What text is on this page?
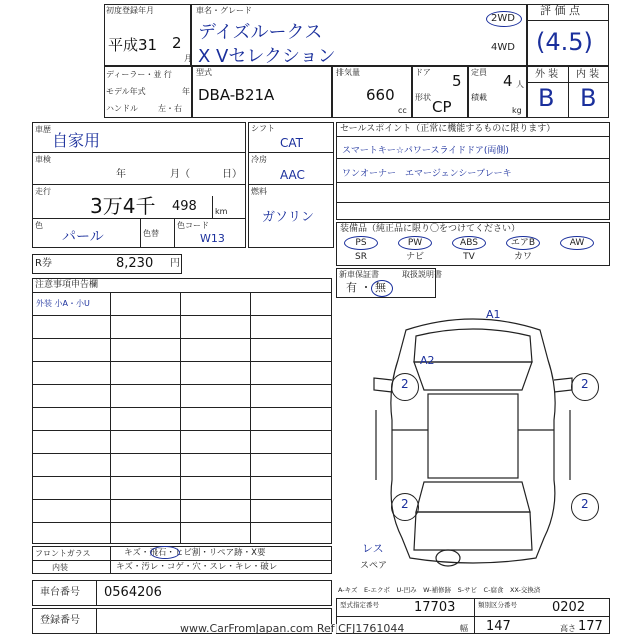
初度登録年月
平成31 2
月
車名・グレード
デイズルークス
X Vセレクション
2WD
4WD
評 価 点
(4.5)
ディーラー・並 行
モデル年式	年
ハンドル	左・右
型式
DBA-B21A
排気量
660
cc
ドア 5
形状
CP
定員 4 人
積載
kg
外 装 内 装
B B
車歴
自家用
車検
年	月（	日）
走行
3万4千 498 km
色
パール	色替
色コード
W13
シフト
CAT
冷房
AAC
燃料
ガソリン
セールスポイント（正常に機能するものに限ります）
スマートキー☆パワースライドドア(両側)
ワンオーナー　エマージェンシーブレーキ
装備品（純正品に限り〇をつけてください）
PS	PW	ABS	エアB	AW
SR	ナビ	TV	カワ
新車保証書
有 ・ 無
取扱説明書
R券	8,230 円
注意事項申告欄
外装 小A・小U
A1
A2
2	2
2	2
レス
スペア
A-キズ　E-エクボ　U-凹み　W-補修跡　S-サビ　C-腐食　XX-交換済
フロントガラス	キズ・飛石・ヒビ割・リペア跡・X要
内装	キズ・汚レ・コゲ・穴・スレ・キレ・破レ
車台番号 0564206
登録番号
型式指定番号	17703	類別区分番号	0202
幅 147	高さ 177
www.CarFromJapan.com Ref CFJ1761044
